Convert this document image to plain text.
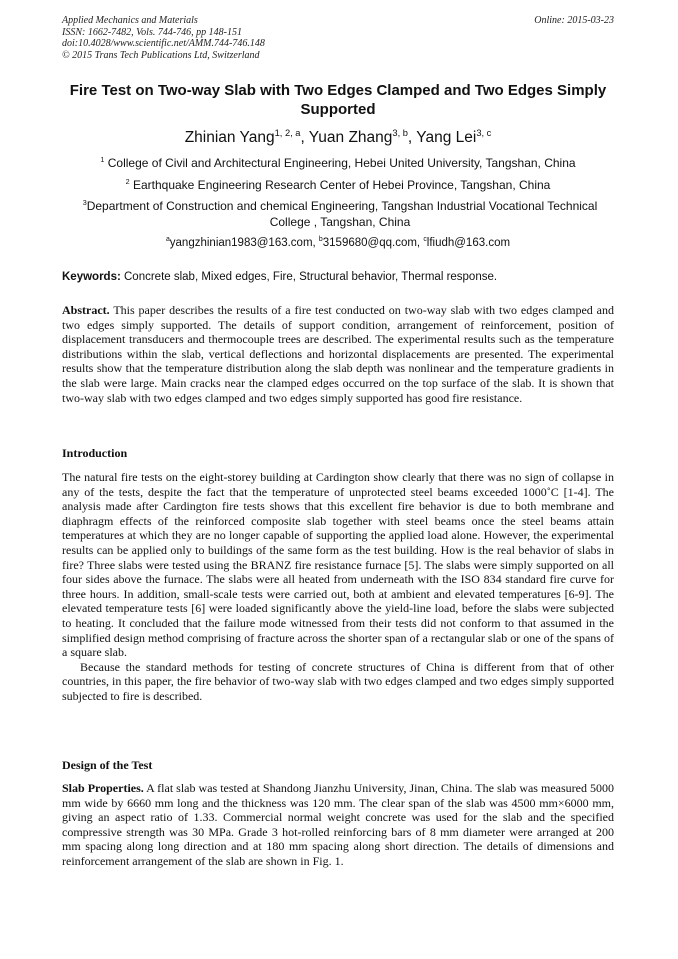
Applied Mechanics and Materials
ISSN: 1662-7482, Vols. 744-746, pp 148-151
doi:10.4028/www.scientific.net/AMM.744-746.148
© 2015 Trans Tech Publications Ltd, Switzerland
Online: 2015-03-23
Fire Test on Two-way Slab with Two Edges Clamped and Two Edges Simply Supported
Zhinian Yang$^{1, 2, a}$, Yuan Zhang$^{3, b}$, Yang Lei$^{3, c}$
$^1$ College of Civil and Architectural Engineering, Hebei United University, Tangshan, China
$^2$ Earthquake Engineering Research Center of Hebei Province, Tangshan, China
$^3$Department of Construction and chemical Engineering, Tangshan Industrial Vocational Technical College , Tangshan, China
$^a$yangzhinian1983@163.com, $^b$3159680@qq.com, $^c$lfiudh@163.com
Keywords: Concrete slab, Mixed edges, Fire, Structural behavior, Thermal response.
Abstract. This paper describes the results of a fire test conducted on two-way slab with two edges clamped and two edges simply supported. The details of support condition, arrangement of reinforcement, position of displacement transducers and thermocouple trees are described. The experimental results such as the temperature distributions within the slab, vertical deflections and horizontal displacements are presented. The experimental results show that the temperature distribution along the slab depth was nonlinear and the temperature gradients in the slab were large. Main cracks near the clamped edges occurred on the top surface of the slab. It is shown that two-way slab with two edges clamped and two edges simply supported has good fire resistance.
Introduction

The natural fire tests on the eight-storey building at Cardington show clearly that there was no sign of collapse in any of the tests, despite the fact that the temperature of unprotected steel beams exceeded 1000˚C [1-4]. The analysis made after Cardington fire tests shows that this excellent fire behavior is due to both membrane and diaphragm effects of the reinforced composite slab together with steel beams once the steel beams attain temperatures at which they are no longer capable of supporting the applied load alone. However, the experimental results can be applied only to buildings of the same form as the test building. How is the real behavior of slabs in fire? Three slabs were tested using the BRANZ fire resistance furnace [5]. The slabs were simply supported on all four sides above the furnace. The slabs were all heated from underneath with the ISO 834 standard fire curve for three hours. In addition, small-scale tests were carried out, both at ambient and elevated temperatures [6-9]. The elevated temperature tests [6] were loaded significantly above the yield-line load, before the slabs were subjected to heating. It concluded that the failure mode witnessed from their tests did not conform to that assumed in the simplified design method comprising of fracture across the shorter span of a rectangular slab or one of the spans of a square slab.

Because the standard methods for testing of concrete structures of China is different from that of other countries, in this paper, the fire behavior of two-way slab with two edges clamped and two edges simply supported subjected to fire is described.

Design of the Test
Slab Properties. A flat slab was tested at Shandong Jianzhu University, Jinan, China. The slab was measured 5000 mm wide by 6660 mm long and the thickness was 120 mm. The clear span of the slab was 4500 mm×6000 mm, giving an aspect ratio of 1.33. Commercial normal weight concrete was used for the slab and the specified compressive strength was 30 MPa. Grade 3 hot-rolled reinforcing bars of 8 mm diameter were arranged at 200 mm spacing along long direction and at 180 mm spacing along short direction. The details of dimensions and reinforcement arrangement of the slab are shown in Fig. 1.
